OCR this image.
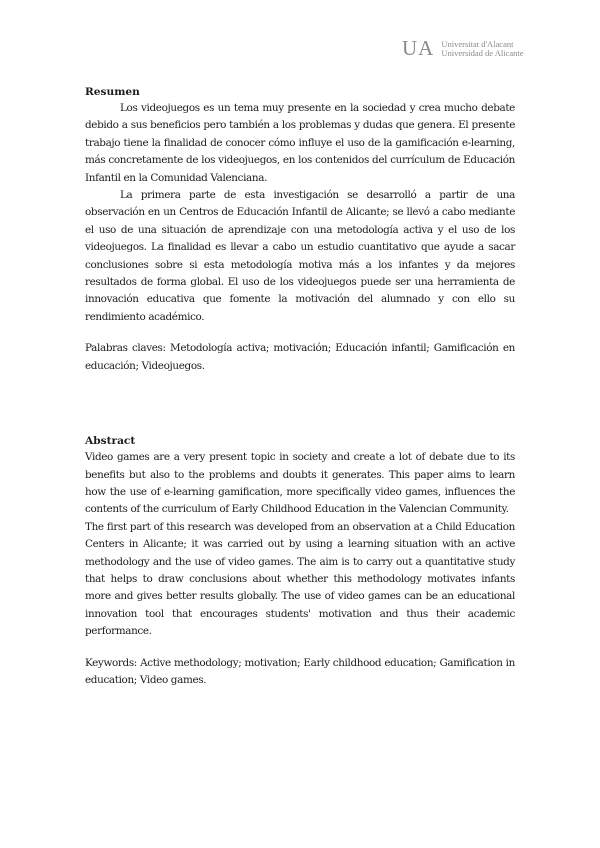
UA Universitat d'Alacant
Universidad de Alicante
Resumen

Los videojuegos es un tema muy presente en la sociedad y crea mucho debate debido a sus beneficios pero también a los problemas y dudas que genera. El presente trabajo tiene la finalidad de conocer cómo influye el uso de la gamificación e-learning, más concretamente de los videojuegos, en los contenidos del currículum de Educación Infantil en la Comunidad Valenciana.

La primera parte de esta investigación se desarrolló a partir de una observación en un Centros de Educación Infantil de Alicante; se llevó a cabo mediante el uso de una situación de aprendizaje con una metodología activa y el uso de los videojuegos. La finalidad es llevar a cabo un estudio cuantitativo que ayude a sacar conclusiones sobre si esta metodología motiva más a los infantes y da mejores resultados de forma global. El uso de los videojuegos puede ser una herramienta de innovación educativa que fomente la motivación del alumnado y con ello su rendimiento académico.

Palabras claves: Metodología activa; motivación; Educación infantil; Gamificación en educación; Videojuegos.

Abstract

Video games are a very present topic in society and create a lot of debate due to its benefits but also to the problems and doubts it generates. This paper aims to learn how the use of e-learning gamification, more specifically video games, influences the contents of the curriculum of Early Childhood Education in the Valencian Community.

The first part of this research was developed from an observation at a Child Education Centers in Alicante; it was carried out by using a learning situation with an active methodology and the use of video games. The aim is to carry out a quantitative study that helps to draw conclusions about whether this methodology motivates infants more and gives better results globally. The use of video games can be an educational innovation tool that encourages students' motivation and thus their academic performance.

Keywords: Active methodology; motivation; Early childhood education; Gamification in education; Video games.
